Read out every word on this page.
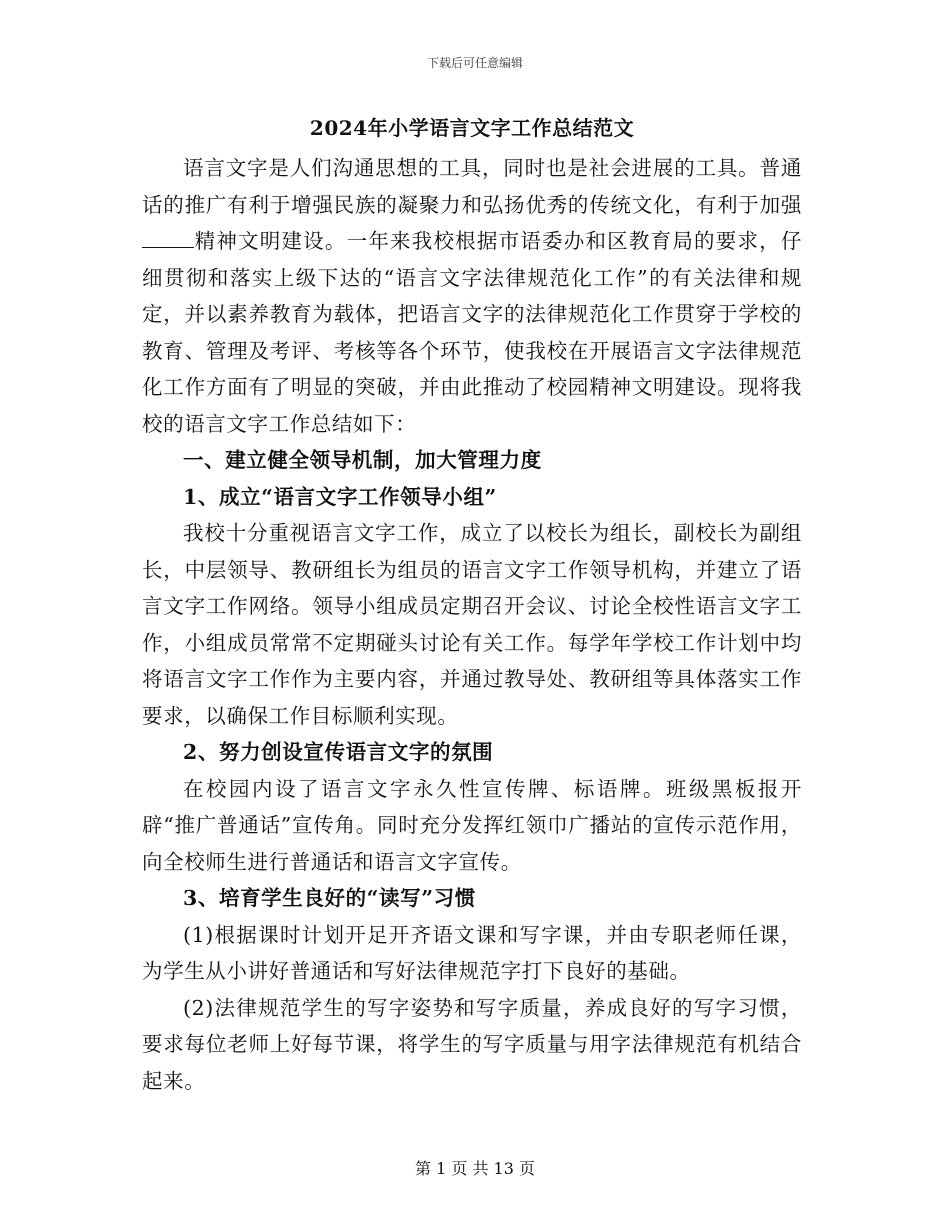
下载后可任意编辑
2024年小学语言文字工作总结范文

语言文字是人们沟通思想的工具，同时也是社会进展的工具。普通话的推广有利于增强民族的凝聚力和弘扬优秀的传统文化，有利于加强精神文明建设。一年来我校根据市语委办和区教育局的要求，仔细贯彻和落实上级下达的“语言文字法律规范化工作”的有关法律和规定，并以素养教育为载体，把语言文字的法律规范化工作贯穿于学校的教育、管理及考评、考核等各个环节，使我校在开展语言文字法律规范化工作方面有了明显的突破，并由此推动了校园精神文明建设。现将我校的语言文字工作总结如下：

一、建立健全领导机制，加大管理力度

1、成立“语言文字工作领导小组”

我校十分重视语言文字工作，成立了以校长为组长，副校长为副组长，中层领导、教研组长为组员的语言文字工作领导机构，并建立了语言文字工作网络。领导小组成员定期召开会议、讨论全校性语言文字工作，小组成员常常不定期碰头讨论有关工作。每学年学校工作计划中均将语言文字工作作为主要内容，并通过教导处、教研组等具体落实工作要求，以确保工作目标顺利实现。

2、努力创设宣传语言文字的氛围

在校园内设了语言文字永久性宣传牌、标语牌。班级黑板报开辟“推广普通话”宣传角。同时充分发挥红领巾广播站的宣传示范作用，向全校师生进行普通话和语言文字宣传。

3、培育学生良好的“读写”习惯

(1)根据课时计划开足开齐语文课和写字课，并由专职老师任课，为学生从小讲好普通话和写好法律规范字打下良好的基础。

(2)法律规范学生的写字姿势和写字质量，养成良好的写字习惯，要求每位老师上好每节课，将学生的写字质量与用字法律规范有机结合起来。

第 1 页 共 13 页
